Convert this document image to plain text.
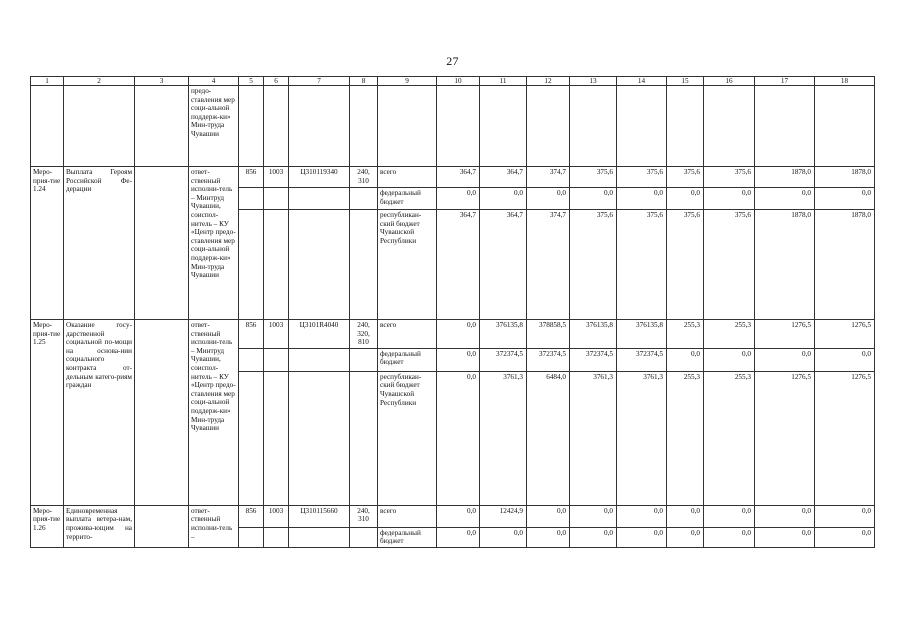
27
1	2	3	4	5	6	7	8	9	10	11	12	13	14	15	16	17	18
			предо-ставления мер соци-альной поддерж-ки» Мин-труда Чувашии														
Меро-прия-тие 1.24	Выплата Героям Российской Фе-дерации		ответ-ственный исполни-тель – Минтруд Чувашии, соиспол-нитель – КУ «Центр предо-ставления мер соци-альной поддерж-ки» Мин-труда Чувашии	856	1003	Ц310119340	240, 310	всего	364,7	364,7	374,7	375,6	375,6	375,6	375,6	1878,0	1878,0
								федеральный бюджет	0,0	0,0	0,0	0,0	0,0	0,0	0,0	0,0	0,0
								республикан-ский бюджет Чувашской Республики	364,7	364,7	374,7	375,6	375,6	375,6	375,6	1878,0	1878,0
Меро-прия-тие 1.25	Оказание госу-дарственной социальной по-мощи на основа-нии социального контракта от-дельным катего-риям граждан		ответ-ственный исполни-тель – Минтруд Чувашии, соиспол-нитель – КУ «Центр предо-ставления мер соци-альной поддерж-ки» Мин-труда Чувашии	856	1003	Ц3101R4040	240, 320, 810	всего	0,0	376135,8	378858,5	376135,8	376135,8	255,3	255,3	1276,5	1276,5
								федеральный бюджет	0,0	372374,5	372374,5	372374,5	372374,5	0,0	0,0	0,0	0,0
								республикан-ский бюджет Чувашской Республики	0,0	3761,3	6484,0	3761,3	3761,3	255,3	255,3	1276,5	1276,5
Меро-прия-тие 1.26	Единовременная выплата ветера-нам, прожива-ющим на террито-		ответ-ственный исполни-тель –	856	1003	Ц310115660	240, 310	всего	0,0	12424,9	0,0	0,0	0,0	0,0	0,0	0,0	0,0
								федеральный бюджет	0,0	0,0	0,0	0,0	0,0	0,0	0,0	0,0	0,0
